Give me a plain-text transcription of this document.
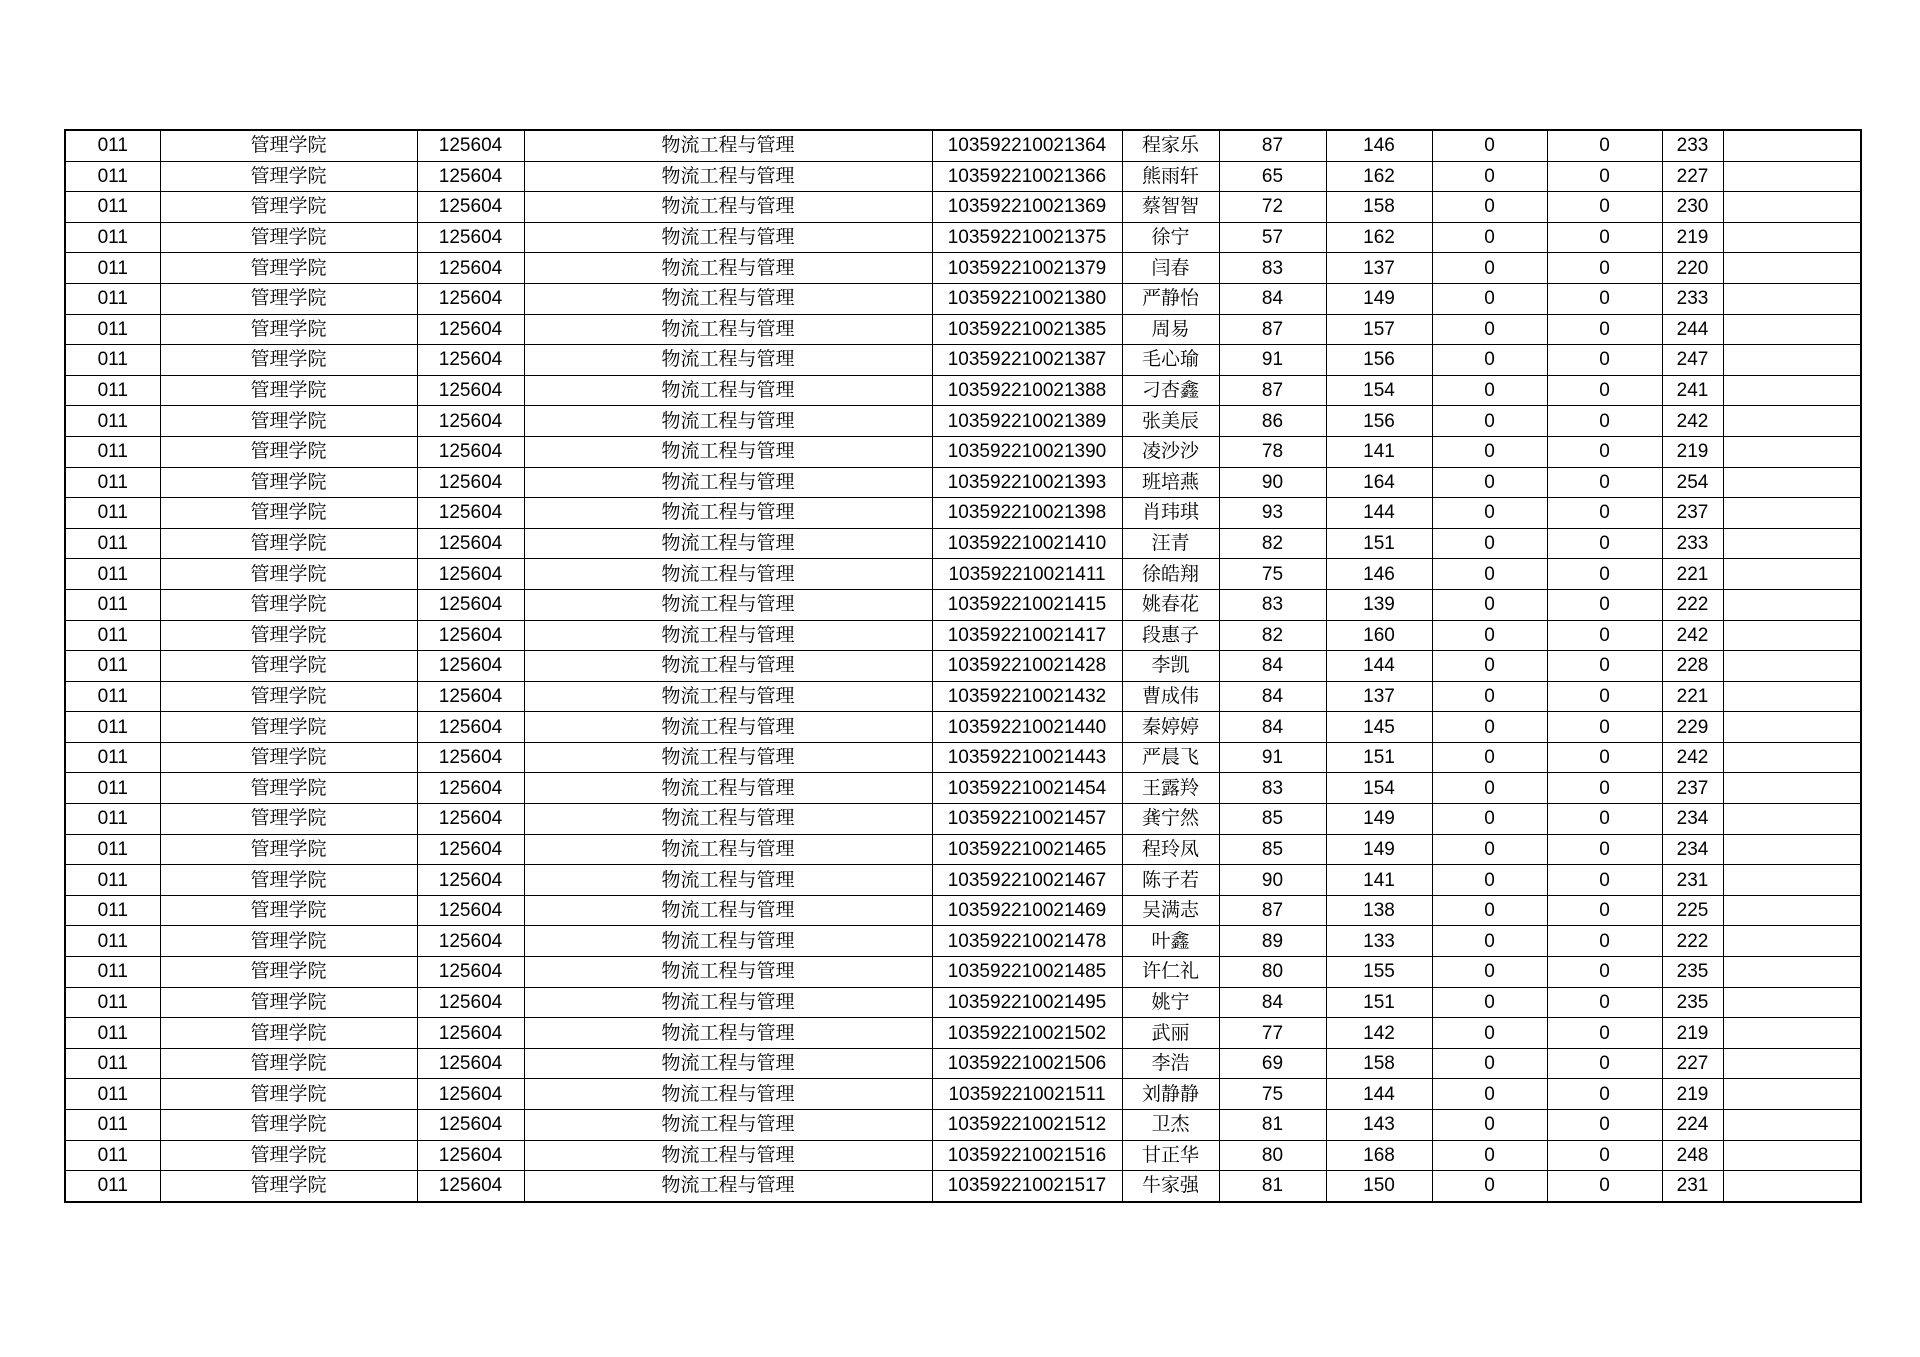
011	管理学院	125604	物流工程与管理	103592210021364	程家乐	87	146	0	0	233	
011	管理学院	125604	物流工程与管理	103592210021366	熊雨轩	65	162	0	0	227	
011	管理学院	125604	物流工程与管理	103592210021369	蔡智智	72	158	0	0	230	
011	管理学院	125604	物流工程与管理	103592210021375	徐宁	57	162	0	0	219	
011	管理学院	125604	物流工程与管理	103592210021379	闫春	83	137	0	0	220	
011	管理学院	125604	物流工程与管理	103592210021380	严静怡	84	149	0	0	233	
011	管理学院	125604	物流工程与管理	103592210021385	周易	87	157	0	0	244	
011	管理学院	125604	物流工程与管理	103592210021387	毛心瑜	91	156	0	0	247	
011	管理学院	125604	物流工程与管理	103592210021388	刁杏鑫	87	154	0	0	241	
011	管理学院	125604	物流工程与管理	103592210021389	张美辰	86	156	0	0	242	
011	管理学院	125604	物流工程与管理	103592210021390	凌沙沙	78	141	0	0	219	
011	管理学院	125604	物流工程与管理	103592210021393	班培燕	90	164	0	0	254	
011	管理学院	125604	物流工程与管理	103592210021398	肖玮琪	93	144	0	0	237	
011	管理学院	125604	物流工程与管理	103592210021410	汪青	82	151	0	0	233	
011	管理学院	125604	物流工程与管理	103592210021411	徐皓翔	75	146	0	0	221	
011	管理学院	125604	物流工程与管理	103592210021415	姚春花	83	139	0	0	222	
011	管理学院	125604	物流工程与管理	103592210021417	段惠子	82	160	0	0	242	
011	管理学院	125604	物流工程与管理	103592210021428	李凯	84	144	0	0	228	
011	管理学院	125604	物流工程与管理	103592210021432	曹成伟	84	137	0	0	221	
011	管理学院	125604	物流工程与管理	103592210021440	秦婷婷	84	145	0	0	229	
011	管理学院	125604	物流工程与管理	103592210021443	严晨飞	91	151	0	0	242	
011	管理学院	125604	物流工程与管理	103592210021454	王露羚	83	154	0	0	237	
011	管理学院	125604	物流工程与管理	103592210021457	龚宁然	85	149	0	0	234	
011	管理学院	125604	物流工程与管理	103592210021465	程玲凤	85	149	0	0	234	
011	管理学院	125604	物流工程与管理	103592210021467	陈子若	90	141	0	0	231	
011	管理学院	125604	物流工程与管理	103592210021469	吴满志	87	138	0	0	225	
011	管理学院	125604	物流工程与管理	103592210021478	叶鑫	89	133	0	0	222	
011	管理学院	125604	物流工程与管理	103592210021485	许仁礼	80	155	0	0	235	
011	管理学院	125604	物流工程与管理	103592210021495	姚宁	84	151	0	0	235	
011	管理学院	125604	物流工程与管理	103592210021502	武丽	77	142	0	0	219	
011	管理学院	125604	物流工程与管理	103592210021506	李浩	69	158	0	0	227	
011	管理学院	125604	物流工程与管理	103592210021511	刘静静	75	144	0	0	219	
011	管理学院	125604	物流工程与管理	103592210021512	卫杰	81	143	0	0	224	
011	管理学院	125604	物流工程与管理	103592210021516	甘正华	80	168	0	0	248	
011	管理学院	125604	物流工程与管理	103592210021517	牛家强	81	150	0	0	231	
